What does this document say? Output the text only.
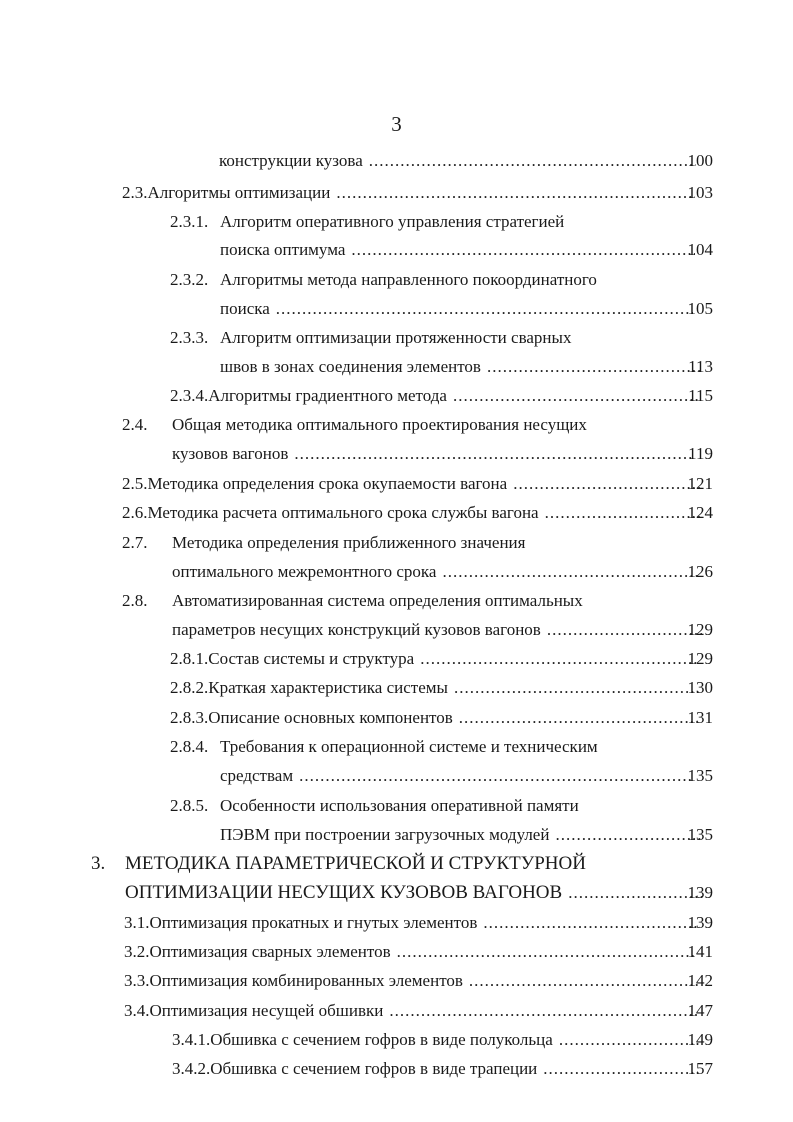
3
конструкции кузова .....	100
2.3. Алгоритмы оптимизации .....	103
2.3.1. Алгоритм оперативного управления стратегией
поиска оптимума .....	104
2.3.2. Алгоритмы метода направленного покоординатного
поиска .....	105
2.3.3. Алгоритм оптимизации протяженности сварных
швов в зонах соединения элементов .....	113
2.3.4. Алгоритмы градиентного метода .....	115
2.4.	Общая методика оптимального проектирования несущих
кузовов вагонов .....	119
2.5. Методика определения срока окупаемости вагона .....	121
2.6. Методика расчета оптимального срока службы вагона .....	124
2.7.	Методика определения приближенного значения
оптимального межремонтного срока .....	126
2.8.	Автоматизированная система определения оптимальных
параметров несущих конструкций кузовов вагонов .....	129
2.8.1. Состав системы и структура .....	129
2.8.2. Краткая характеристика системы .....	130
2.8.3. Описание основных компонентов .....	131
2.8.4. Требования к операционной системе и техническим
средствам .....	135
2.8.5. Особенности использования оперативной памяти
ПЭВМ при построении загрузочных модулей .....	135
3.	МЕТОДИКА ПАРАМЕТРИЧЕСКОЙ И СТРУКТУРНОЙ
ОПТИМИЗАЦИИ НЕСУЩИХ КУЗОВОВ ВАГОНОВ .....	139
3.1. Оптимизация прокатных и гнутых элементов .....	139
3.2. Оптимизация сварных элементов .....	141
3.3. Оптимизация комбинированных элементов .....	142
3.4. Оптимизация несущей обшивки .....	147
3.4.1. Обшивка с сечением гофров в виде полукольца .....	149
3.4.2. Обшивка с сечением гофров в виде трапеции .....	157
